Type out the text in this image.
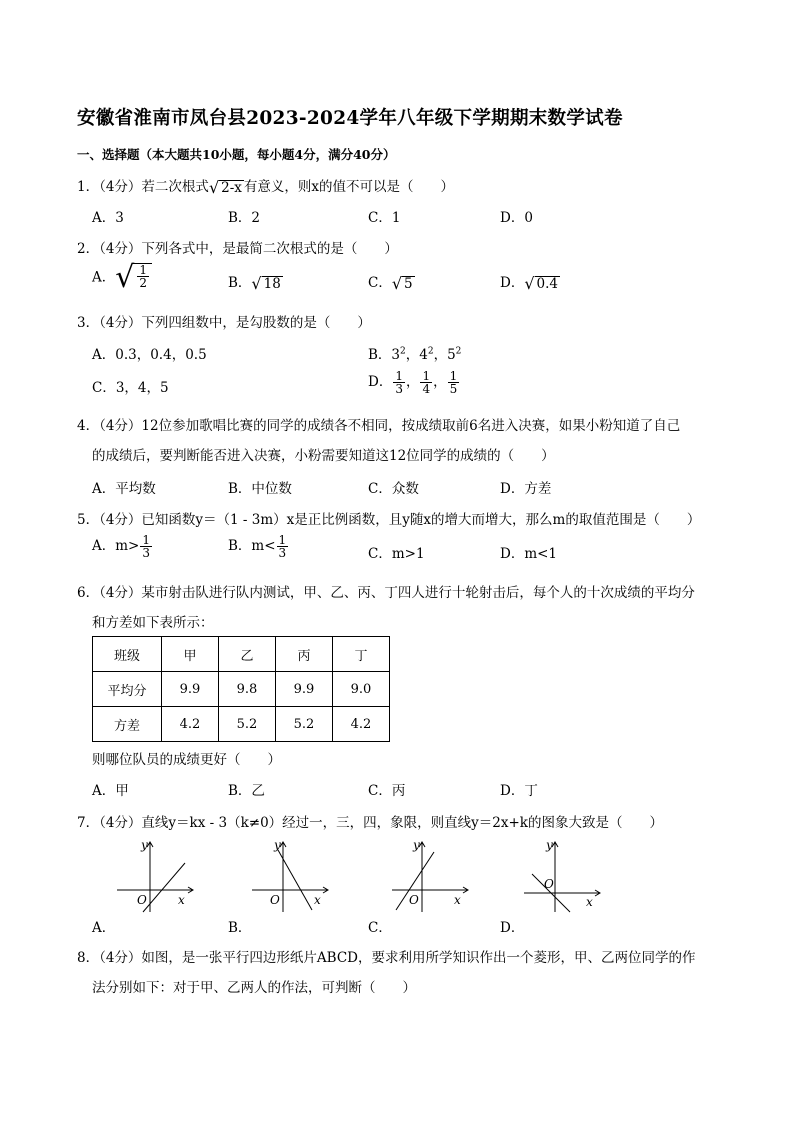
安徽省淮南市凤台县2023-2024学年八年级下学期期末数学试卷
一、选择题（本大题共10小题，每小题4分，满分40分）
1．（4分）若二次根式 √ 2-x 有意义，则x的值不可以是（　　）
A．3	B．2	C．1	D．0
2．（4分）下列各式中，是最简二次根式的是（　　）
A． √ $\frac{1}{2}$	B． √ 18	C． √ 5	D． √ 0.4
3．（4分）下列四组数中，是勾股数的是（　　）
A．0.3，0.4，0.5	B．$3^2$，$4^2$，$5^2$
C．3，4，5	D． $\frac{1}{3}$ ， $\frac{1}{4}$ ， $\frac{1}{5}$
4．（4分）12位参加歌唱比赛的同学的成绩各不相同，按成绩取前6名进入决赛，如果小粉知道了自己
的成绩后，要判断能否进入决赛，小粉需要知道这12位同学的成绩的（　　）
A．平均数	B．中位数	C．众数	D．方差
5．（4分）已知函数y＝（1 - 3m）x是正比例函数，且y随x的增大而增大，那么m的取值范围是（　　）
A．$m> \frac{1}{3}$	B．$m< \frac{1}{3}$	C．m>1	D．m<1
6．（4分）某市射击队进行队内测试，甲、乙、丙、丁四人进行十轮射击后，每个人的十次成绩的平均分
和方差如下表所示：
班级	甲	乙	丙	丁
平均分	9.9	9.8	9.9	9.0
方差	4.2	5.2	5.2	4.2
则哪位队员的成绩更好（　　）
A．甲	B．乙	C．丙	D．丁
7．（4分）直线y＝kx - 3（k≠0）经过一，三，四，象限，则直线y＝2x+k的图象大致是（　　）
O	x
y
O	x
y
O	x
y
O
x
y
A．	B．	C．	D．
8．（4分）如图，是一张平行四边形纸片ABCD，要求利用所学知识作出一个菱形，甲、乙两位同学的作
法分别如下：对于甲、乙两人的作法，可判断（　　）
